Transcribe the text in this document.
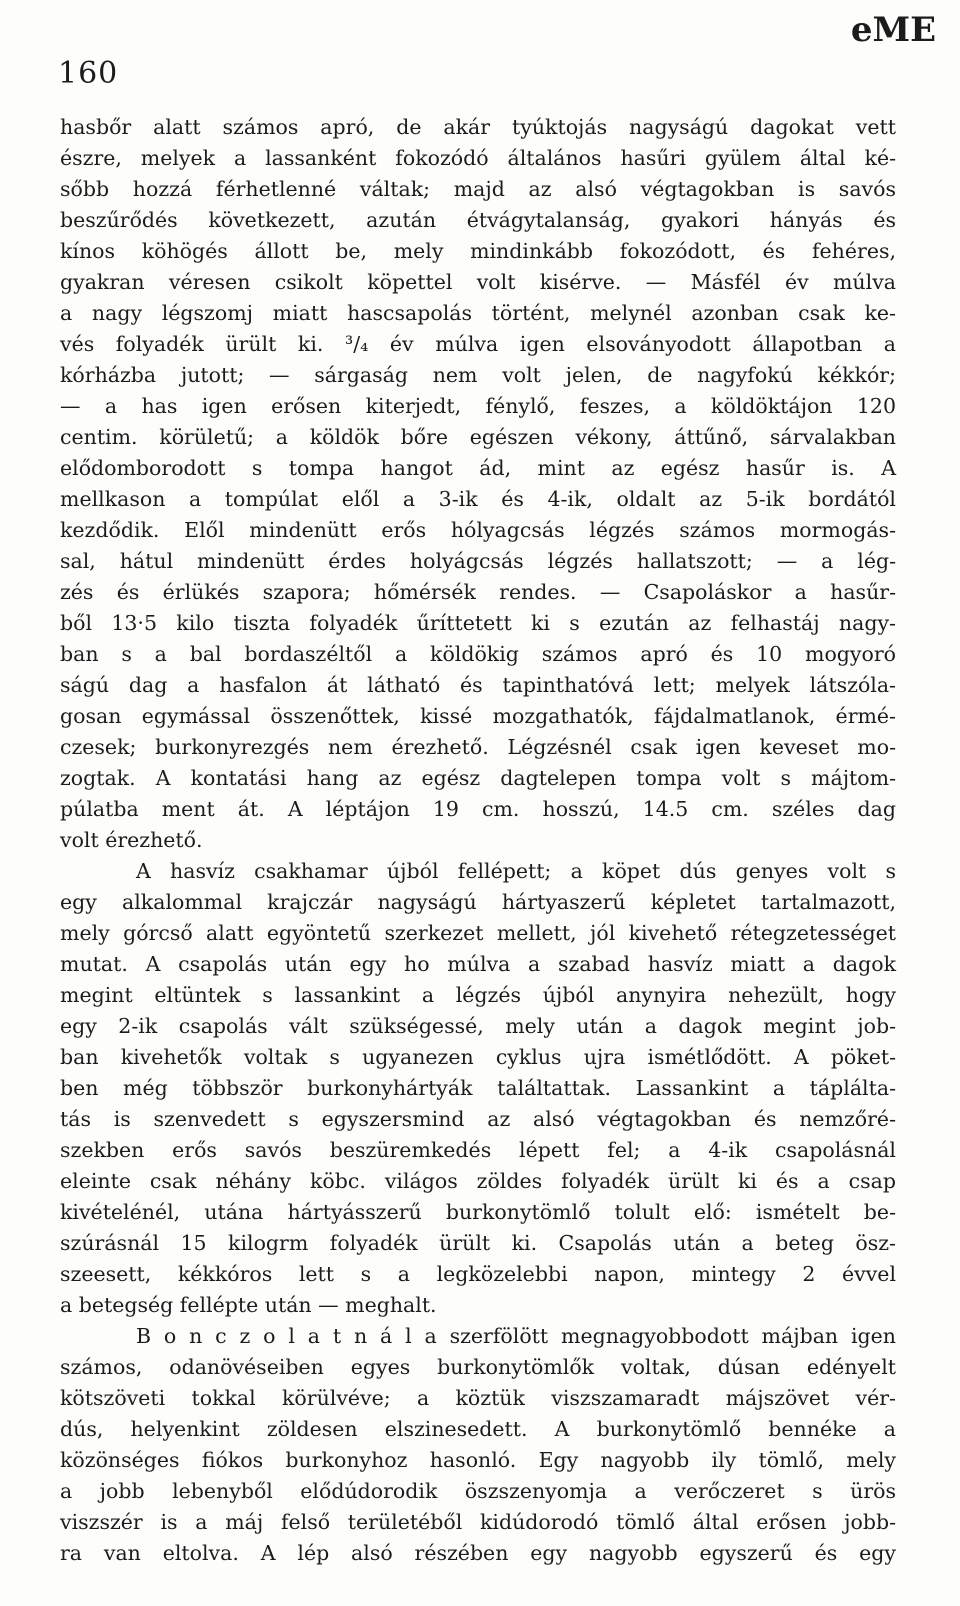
160
eME
hasbőr alatt számos apró, de akár tyúktojás nagyságú dagokat vett
észre, melyek a lassanként fokozódó általános hasűri gyülem által ké-
sőbb hozzá férhetlenné váltak; majd az alsó végtagokban is savós
beszűrődés következett, azután étvágytalanság, gyakori hányás és
kínos köhögés állott be, mely mindinkább fokozódott, és fehéres,
gyakran véresen csikolt köpettel volt kisérve. — Másfél év múlva
a nagy légszomj miatt hascsapolás történt, melynél azonban csak ke-
vés folyadék ürült ki. ³/₄ év múlva igen elsoványodott állapotban a
kórházba jutott; — sárgaság nem volt jelen, de nagyfokú kékkór;
— a has igen erősen kiterjedt, fénylő, feszes, a köldöktájon 120
centim. körületű; a köldök bőre egészen vékony, áttűnő, sárvalakban
elődomborodott s tompa hangot ád, mint az egész hasűr is. A
mellkason a tompúlat elől a 3-ik és 4-ik, oldalt az 5-ik bordától
kezdődik. Elől mindenütt erős hólyagcsás légzés számos mormogás-
sal, hátul mindenütt érdes holyágcsás légzés hallatszott; — a lég-
zés és érlükés szapora; hőmérsék rendes. — Csapoláskor a hasűr-
ből 13·5 kilo tiszta folyadék űríttetett ki s ezután az felhastáj nagy-
ban s a bal bordaszéltől a köldökig számos apró és 10 mogyoró
ságú dag a hasfalon át látható és tapinthatóvá lett; melyek látszóla-
gosan egymással összenőttek, kissé mozgathatók, fájdalmatlanok, érmé-
czesek; burkonyrezgés nem érezhető. Légzésnél csak igen keveset mo-
zogtak. A kontatási hang az egész dagtelepen tompa volt s májtom-
púlatba ment át. A léptájon 19 cm. hosszú, 14.5 cm. széles dag
volt érezhető.
A hasvíz csakhamar újból fellépett; a köpet dús genyes volt s
egy alkalommal krajczár nagyságú hártyaszerű képletet tartalmazott,
mely górcső alatt egyöntetű szerkezet mellett, jól kivehető rétegzetességet
mutat. A csapolás után egy ho múlva a szabad hasvíz miatt a dagok
megint eltüntek s lassankint a légzés újból anynyira nehezült, hogy
egy 2-ik csapolás vált szükségessé, mely után a dagok megint job-
ban kivehetők voltak s ugyanezen cyklus ujra ismétlődött. A pöket-
ben még többször burkonyhártyák találtattak. Lassankint a táplálta-
tás is szenvedett s egyszersmind az alsó végtagokban és nemzőré-
szekben erős savós beszüremkedés lépett fel; a 4-ik csapolásnál
eleinte csak néhány köbc. világos zöldes folyadék ürült ki és a csap
kivételénél, utána hártyásszerű burkonytömlő tolult elő: ismételt be-
szúrásnál 15 kilogrm folyadék ürült ki. Csapolás után a beteg ösz-
szeesett, kékkóros lett s a legközelebbi napon, mintegy 2 évvel
a betegség fellépte után — meghalt.
B o n c z o l a t n á l a szerfölött megnagyobbodott májban igen
számos, odanövéseiben egyes burkonytömlők voltak, dúsan edényelt
kötszöveti tokkal körülvéve; a köztük viszszamaradt májszövet vér-
dús, helyenkint zöldesen elszinesedett. A burkonytömlő bennéke a
közönséges fiókos burkonyhoz hasonló. Egy nagyobb ily tömlő, mely
a jobb lebenyből elődúdorodik öszszenyomja a verőczeret s ürös
viszszér is a máj felső területéből kidúdorodó tömlő által erősen jobb-
ra van eltolva. A lép alsó részében egy nagyobb egyszerű és egy
